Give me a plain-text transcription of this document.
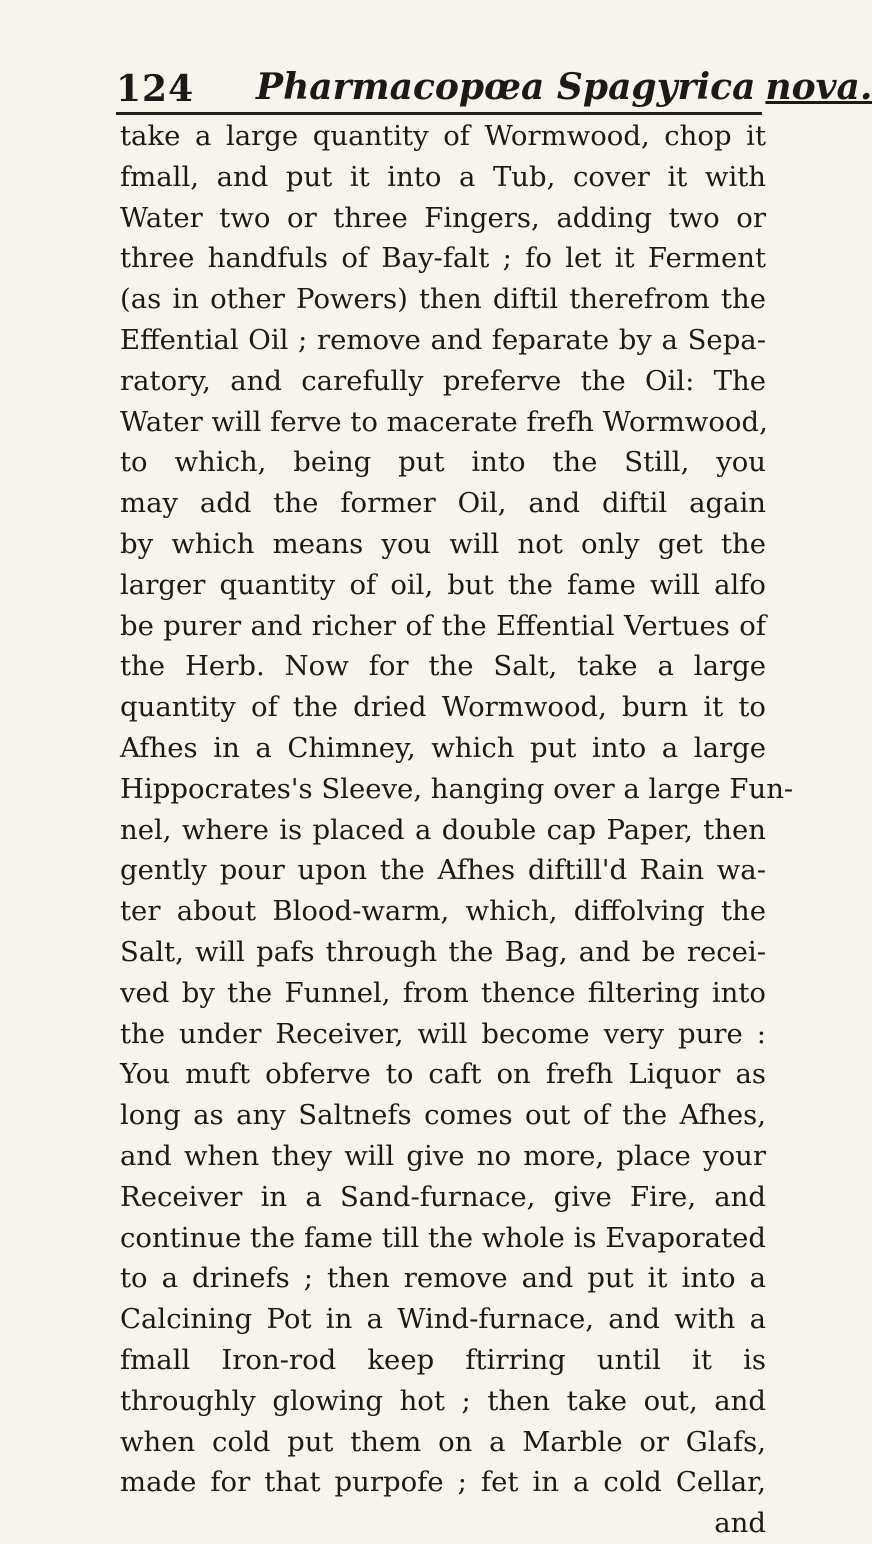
124 Pharmacopœa Spagyrica nova.
take a large quantity of Wormwood, chop it
fmall, and put it into a Tub, cover it with
Water two or three Fingers, adding two or
three handfuls of Bay-falt ; fo let it Ferment
(as in other Powers) then diftil therefrom the
Effential Oil ; remove and feparate by a Sepa-
ratory, and carefully preferve the Oil: The
Water will ferve to macerate frefh Wormwood,
to which, being put into the Still, you
may add the former Oil, and diftil again
by which means you will not only get the
larger quantity of oil, but the fame will alfo
be purer and richer of the Effential Vertues of
the Herb. Now for the Salt, take a large
quantity of the dried Wormwood, burn it to
Afhes in a Chimney, which put into a large
Hippocrates's Sleeve, hanging over a large Fun-
nel, where is placed a double cap Paper, then
gently pour upon the Afhes diftill'd Rain wa-
ter about Blood-warm, which, diffolving the
Salt, will pafs through the Bag, and be recei-
ved by the Funnel, from thence filtering into
the under Receiver, will become very pure :
You muft obferve to caft on frefh Liquor as
long as any Saltnefs comes out of the Afhes,
and when they will give no more, place your
Receiver in a Sand-furnace, give Fire, and
continue the fame till the whole is Evaporated
to a drinefs ; then remove and put it into a
Calcining Pot in a Wind-furnace, and with a
fmall Iron-rod keep ftirring until it is
throughly glowing hot ; then take out, and
when cold put them on a Marble or Glafs,
made for that purpofe ; fet in a cold Cellar,
and
